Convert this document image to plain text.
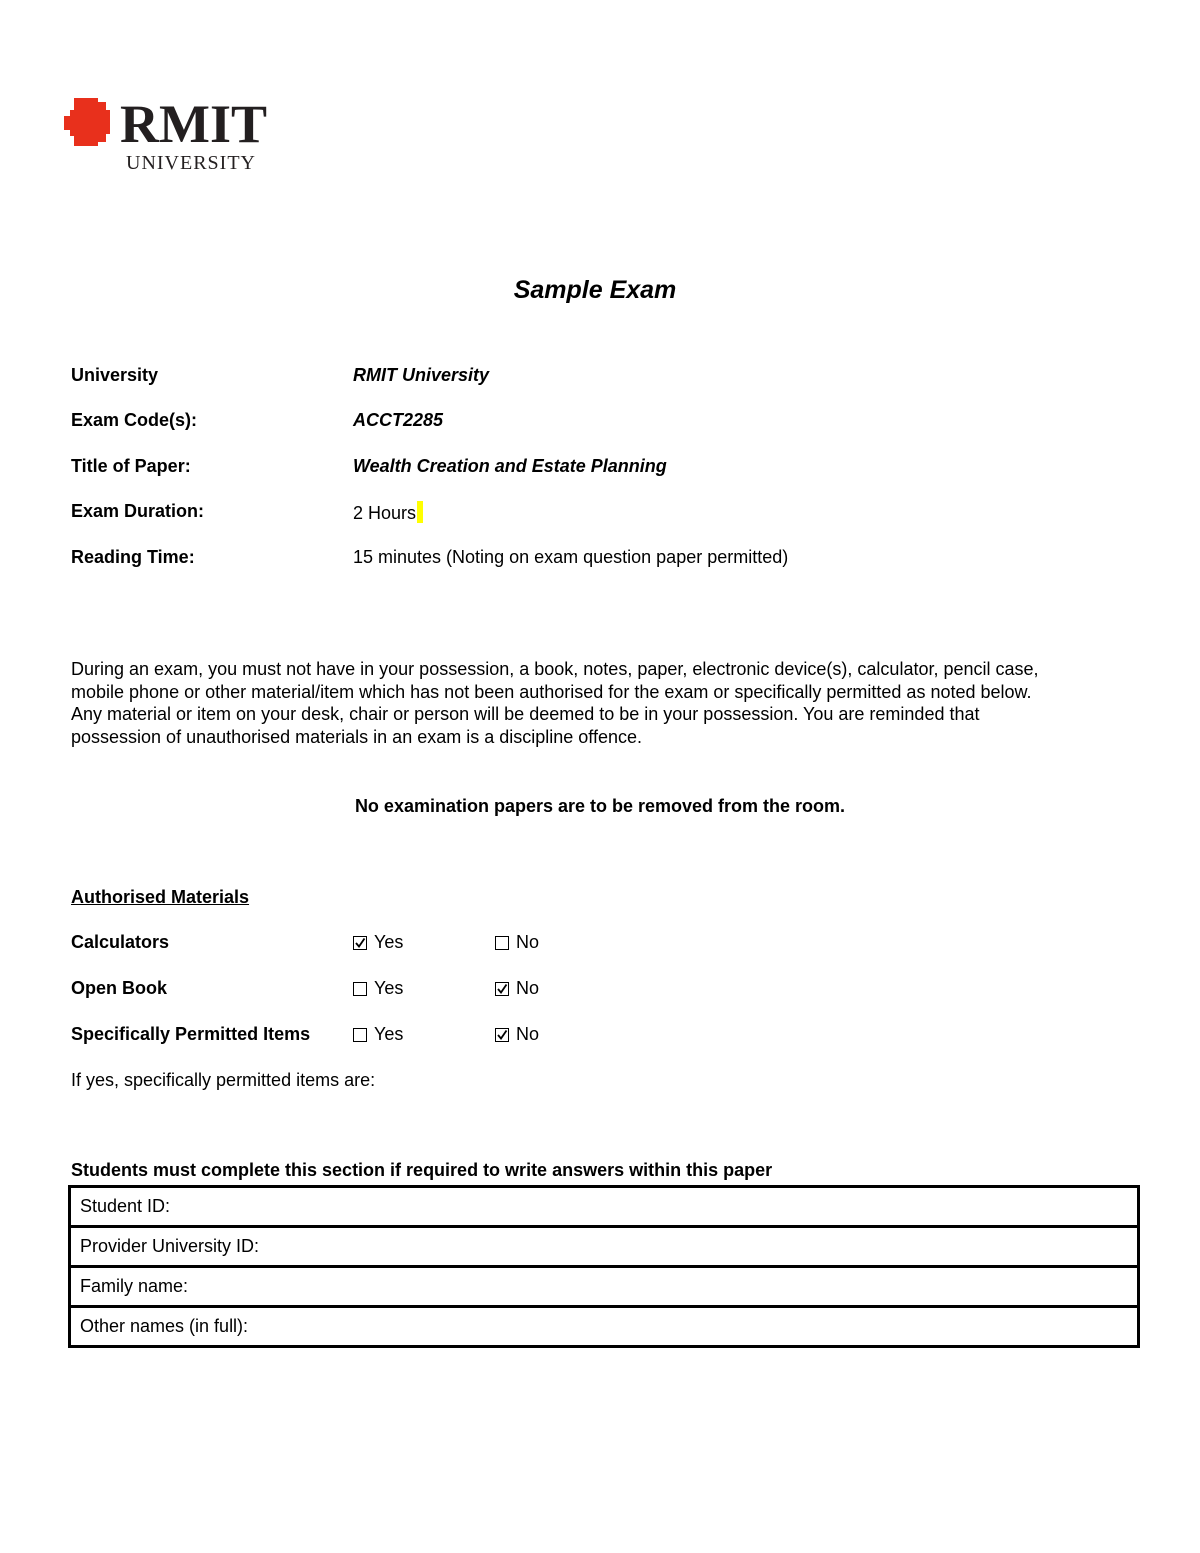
RMIT
UNIVERSITY
Sample Exam
University	RMIT University
Exam Code(s):	ACCT2285
Title of Paper:	Wealth Creation and Estate Planning
Exam Duration:	2 Hours
Reading Time:	15 minutes (Noting on exam question paper permitted)
During an exam, you must not have in your possession, a book, notes, paper, electronic device(s), calculator, pencil case,
mobile phone or other material/item which has not been authorised for the exam or specifically permitted as noted below.
Any material or item on your desk, chair or person will be deemed to be in your possession. You are reminded that
possession of unauthorised materials in an exam is a discipline offence.
No examination papers are to be removed from the room.
Authorised Materials
Calculators	Yes	No
Open Book	Yes	No
Specifically Permitted Items	Yes	No
If yes, specifically permitted items are:
Students must complete this section if required to write answers within this paper
Student ID:
Provider University ID:
Family name:
Other names (in full):
